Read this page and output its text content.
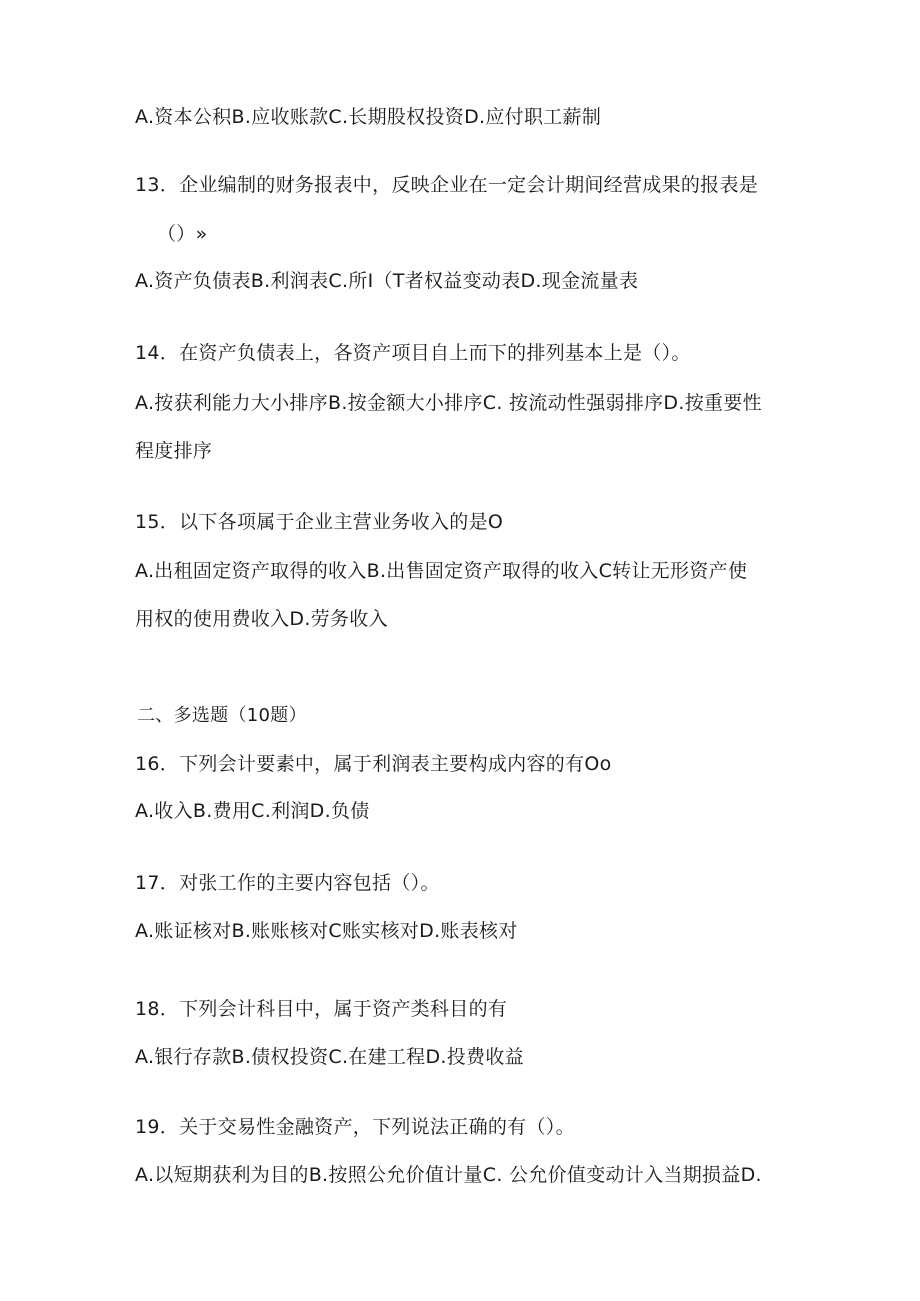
A.资本公积B.应收账款C.长期股权投资D.应付职工薪制
13．企业编制的财务报表中，反映企业在一定会计期间经营成果的报表是
（）»
A.资产负债表B.利润表C.所I（T者权益变动表D.现金流量表
14．在资产负债表上，各资产项目自上而下的排列基本上是（）。
A.按获利能力大小排序B.按金额大小排序C. 按流动性强弱排序D.按重要性
程度排序
15．以下各项属于企业主营业务收入的是O
A.出租固定资产取得的收入B.出售固定资产取得的收入C转让无形资产使
用权的使用费收入D.劳务收入
二、多选题（10题）
16．下列会计要素中，属于利润表主要构成内容的有Oo
A.收入B.费用C.利润D.负债
17．对张工作的主要内容包括（）。
A.账证核对B.账账核对C账实核对D.账表核对
18．下列会计科目中，属于资产类科目的有
A.银行存款B.债权投资C.在建工程D.投费收益
19．关于交易性金融资产，下列说法正确的有（）。
A.以短期获利为目的B.按照公允价值计量C. 公允价值变动计入当期损益D.
